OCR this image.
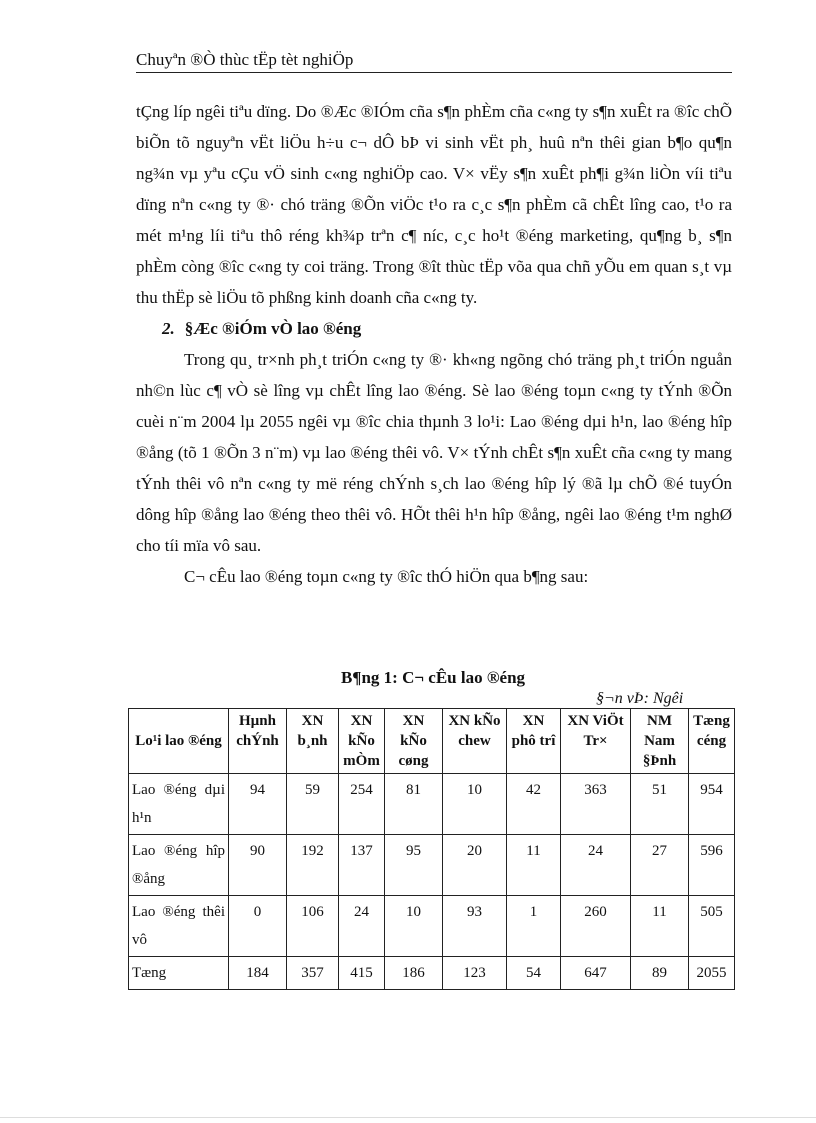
Chuyªn ®Ò thùc tËp tèt nghiÖp

tÇng líp ngêi tiªu dïng. Do ®Æc ®IÓm cña s¶n phÈm cña c«ng ty s¶n xuÊt ra ®îc chÕ biÕn tõ nguyªn vËt liÖu h÷u c¬ dÔ bÞ vi sinh vËt ph¸ huû nªn thêi gian b¶o qu¶n ng¾n vµ yªu cÇu vÖ sinh c«ng nghiÖp cao. V× vËy s¶n xuÊt ph¶i g¾n liÒn víi tiªu dïng nªn c«ng ty ®· chó träng ®Õn viÖc t¹o ra c¸c s¶n phÈm cã chÊt lîng cao, t¹o ra mét m¹ng líi tiªu thô réng kh¾p trªn c¶ níc, c¸c ho¹t ®éng marketing, qu¶ng b¸ s¶n phÈm còng ®îc c«ng ty coi träng. Trong ®ît thùc tËp võa qua chñ yÕu em quan s¸t vµ thu thËp sè liÖu tõ phßng kinh doanh cña c«ng ty.

2. §Æc ®iÓm vÒ lao ®éng

Trong qu¸ tr×nh ph¸t triÓn c«ng ty ®· kh«ng ngõng chó träng ph¸t triÓn nguån nh©n lùc c¶ vÒ sè lîng vµ chÊt lîng lao ®éng. Sè lao ®éng toµn c«ng ty tÝnh ®Õn cuèi n¨m 2004 lµ 2055 ngêi vµ ®îc chia thµnh 3 lo¹i: Lao ®éng dµi h¹n, lao ®éng hîp ®ång (tõ 1 ®Õn 3 n¨m) vµ lao ®éng thêi vô. V× tÝnh chÊt s¶n xuÊt cña c«ng ty mang tÝnh thêi vô nªn c«ng ty më réng chÝnh s¸ch lao ®éng hîp lý ®ã lµ chÕ ®é tuyÓn dông hîp ®ång lao ®éng theo thêi vô. HÕt thêi h¹n hîp ®ång, ngêi lao ®éng t¹m nghØ cho tíi mïa vô sau.

C¬ cÊu lao ®éng toµn c«ng ty ®îc thÓ hiÖn qua b¶ng sau:

B¶ng 1: C¬ cÊu lao ®éng
§¬n vÞ: Ngêi
Lo¹i lao ®éng	Hµnh chÝnh	XN b¸nh	XN kÑo mÒm	XN kÑo cøng	XN kÑo chew	XN phô trî	XN ViÖt Tr×	NM Nam §Þnh	Tæng céng
Lao ®éng dµi h¹n	94	59	254	81	10	42	363	51	954
Lao ®éng hîp ®ång	90	192	137	95	20	11	24	27	596
Lao ®éng thêi vô	0	106	24	10	93	1	260	11	505
Tæng	184	357	415	186	123	54	647	89	2055
